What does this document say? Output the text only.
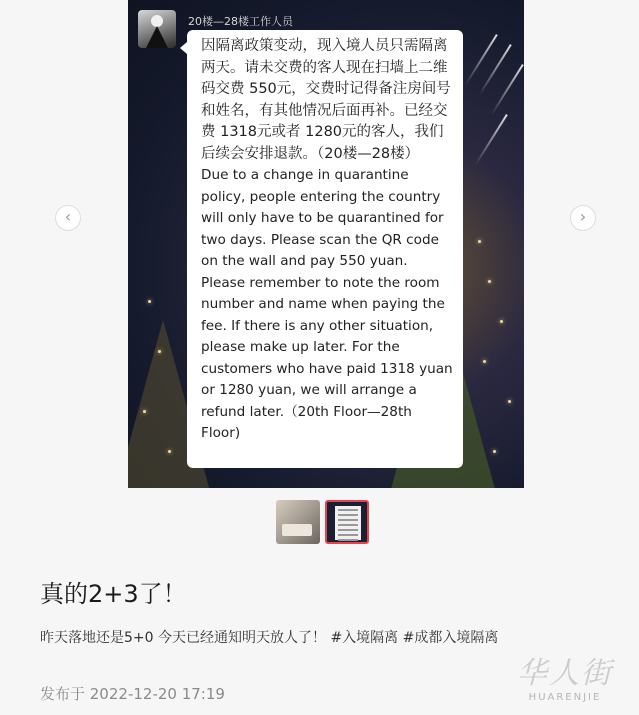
20楼—28楼工作人员

因隔离政策变动，现入境人员只需隔离两天。请未交费的客人现在扫墙上二维码交费 550元，交费时记得备注房间号和姓名，有其他情况后面再补。已经交费 1318元或者 1280元的客人，我们后续会安排退款。（20楼—28楼）

Due to a change in quarantine policy, people entering the country will only have to be quarantined for two days. Please scan the QR code on the wall and pay 550 yuan. Please remember to note the room number and name when paying the fee. If there is any other situation, please make up later. For the customers who have paid 1318 yuan or 1280 yuan, we will arrange a refund later.（20th Floor—28th Floor)

‹	›
真的2+3了！
昨天落地还是5+0 今天已经通知明天放人了！ #入境隔离 #成都入境隔离
发布于 2022-12-20 17:19
华人街
HUARENJIE
